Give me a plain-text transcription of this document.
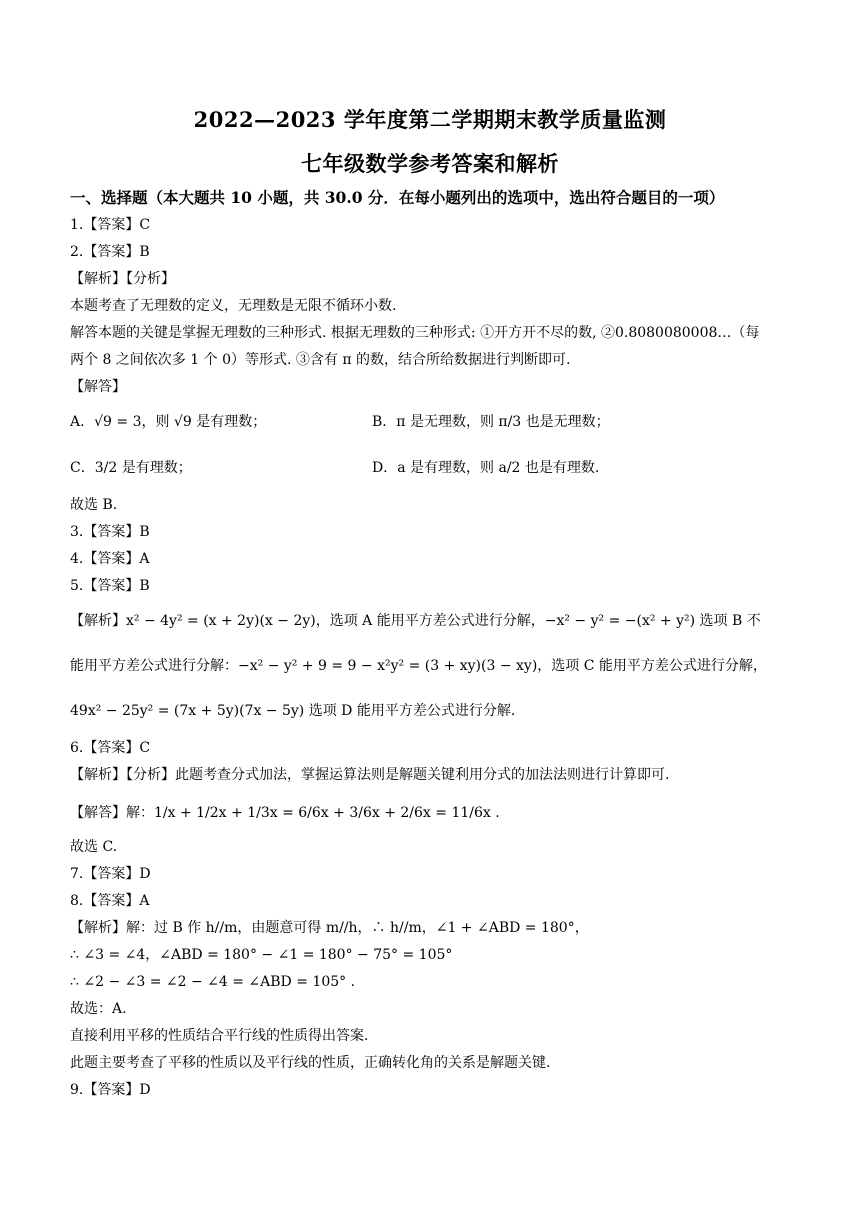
2022—2023 学年度第二学期期末教学质量监测
七年级数学参考答案和解析
一、选择题（本大题共 10 小题，共 30.0 分．在每小题列出的选项中，选出符合题目的一项）
1.【答案】C
2.【答案】B
【解析】【分析】
本题考查了无理数的定义，无理数是无限不循环小数.
解答本题的关键是掌握无理数的三种形式. 根据无理数的三种形式: ①开方开不尽的数, ②0.8080080008…（每
两个 8 之间依次多 1 个 0）等形式. ③含有 π 的数，结合所给数据进行判断即可.
【解答】
A．√9 = 3，则 √9 是有理数；	B．π 是无理数，则 π/3 也是无理数；
C．3/2 是有理数；	D．a 是有理数，则 a/2 也是有理数.
故选 B.
3.【答案】B
4.【答案】A
5.【答案】B
【解析】x² − 4y² = (x + 2y)(x − 2y)，选项 A 能用平方差公式进行分解，−x² − y² = −(x² + y²) 选项 B 不
能用平方差公式进行分解：−x² − y² + 9 = 9 − x²y² = (3 + xy)(3 − xy)，选项 C 能用平方差公式进行分解，
49x² − 25y² = (7x + 5y)(7x − 5y) 选项 D 能用平方差公式进行分解.
6.【答案】C
【解析】【分析】此题考查分式加法，掌握运算法则是解题关键利用分式的加法法则进行计算即可.
【解答】解：1/x + 1/2x + 1/3x = 6/6x + 3/6x + 2/6x = 11/6x .
故选 C.
7.【答案】D
8.【答案】A
【解析】解：过 B 作 h//m，由题意可得 m//h，∴ h//m，∠1 + ∠ABD = 180°，
∴ ∠3 = ∠4，∠ABD = 180° − ∠1 = 180° − 75° = 105°
∴ ∠2 − ∠3 = ∠2 − ∠4 = ∠ABD = 105° .
故选：A.
直接利用平移的性质结合平行线的性质得出答案.
此题主要考查了平移的性质以及平行线的性质，正确转化角的关系是解题关键.
9.【答案】D
